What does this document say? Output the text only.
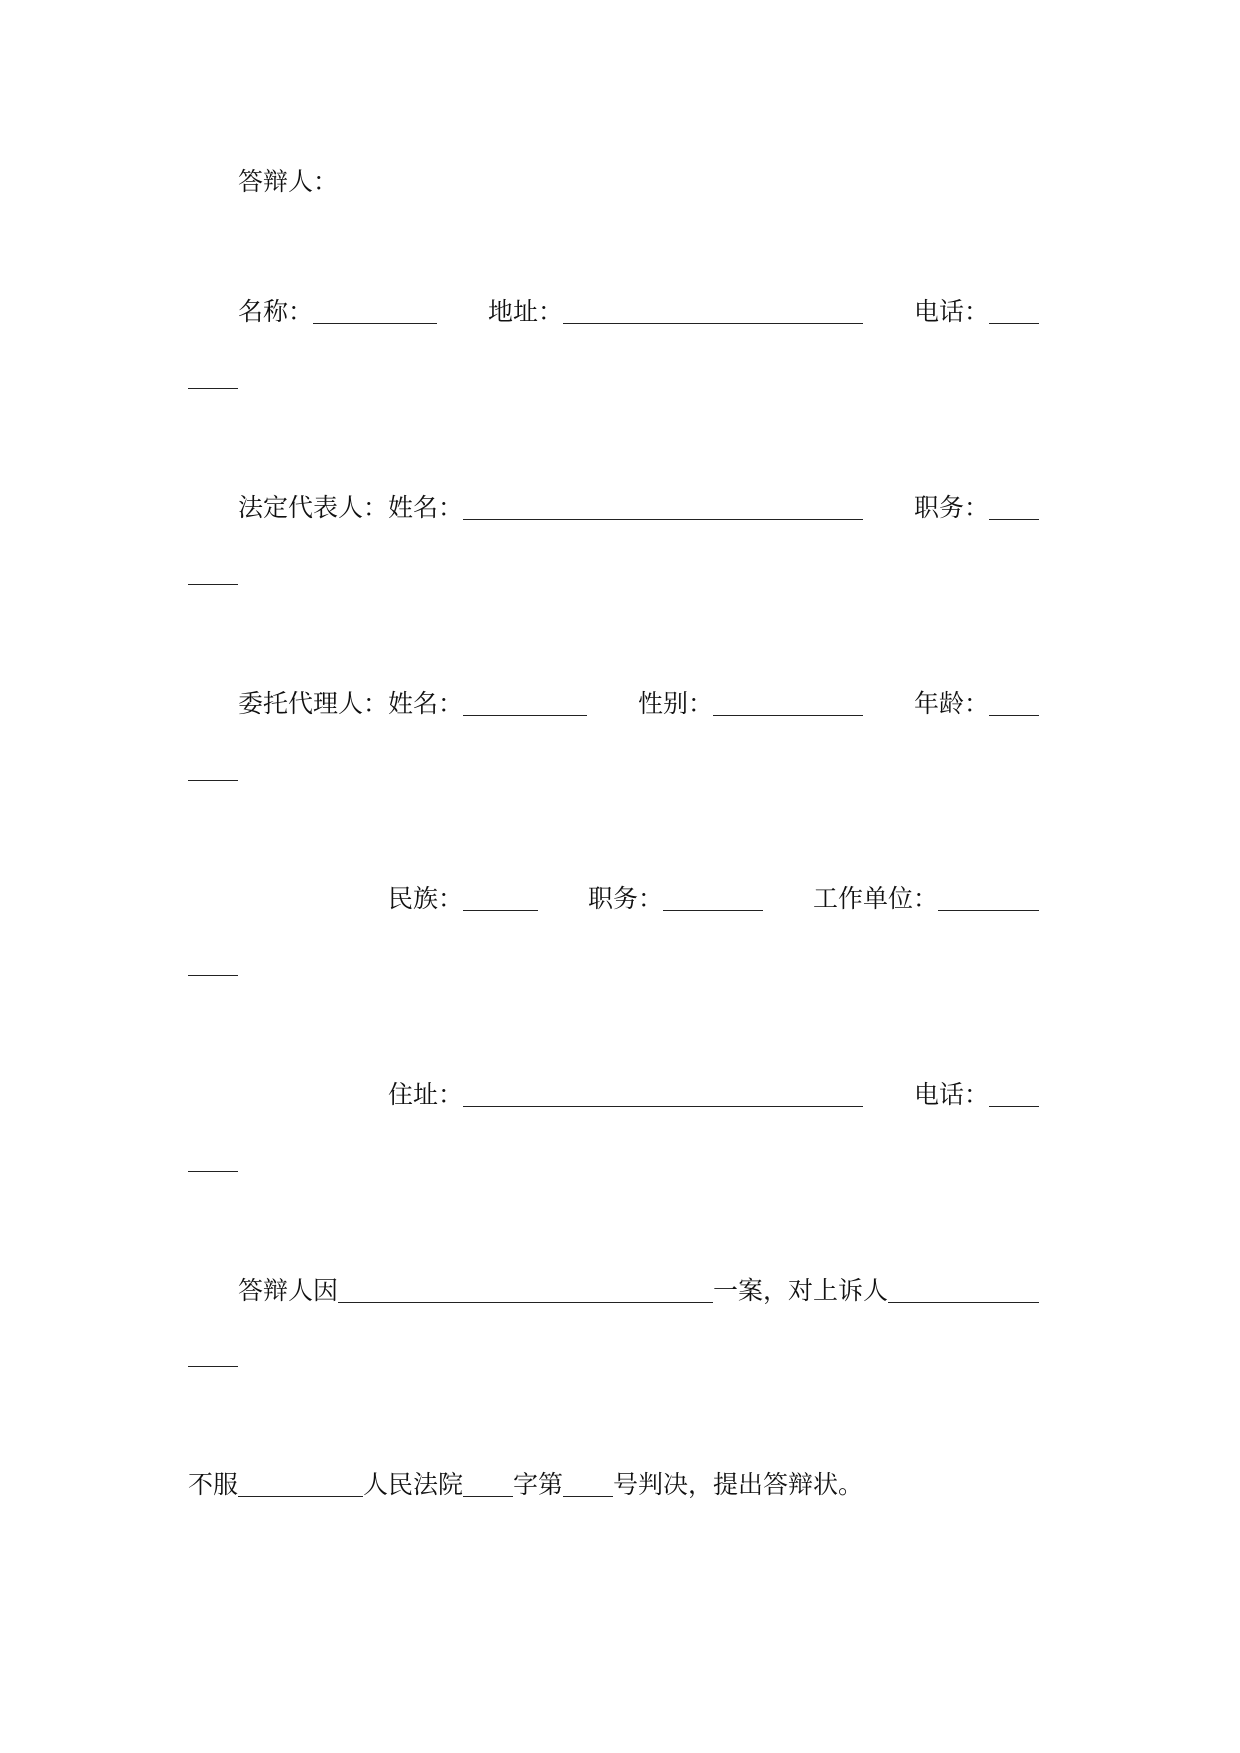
答辩人：
名称：	地址：	电话：
法定代表人：姓名：	职务：
委托代理人：姓名：	性别：	年龄：
民族：	职务：	工作单位：
住址：	电话：
答辩人因	一案，对上诉人
不服	人民法院 字第 号判决，提出答辩状。
